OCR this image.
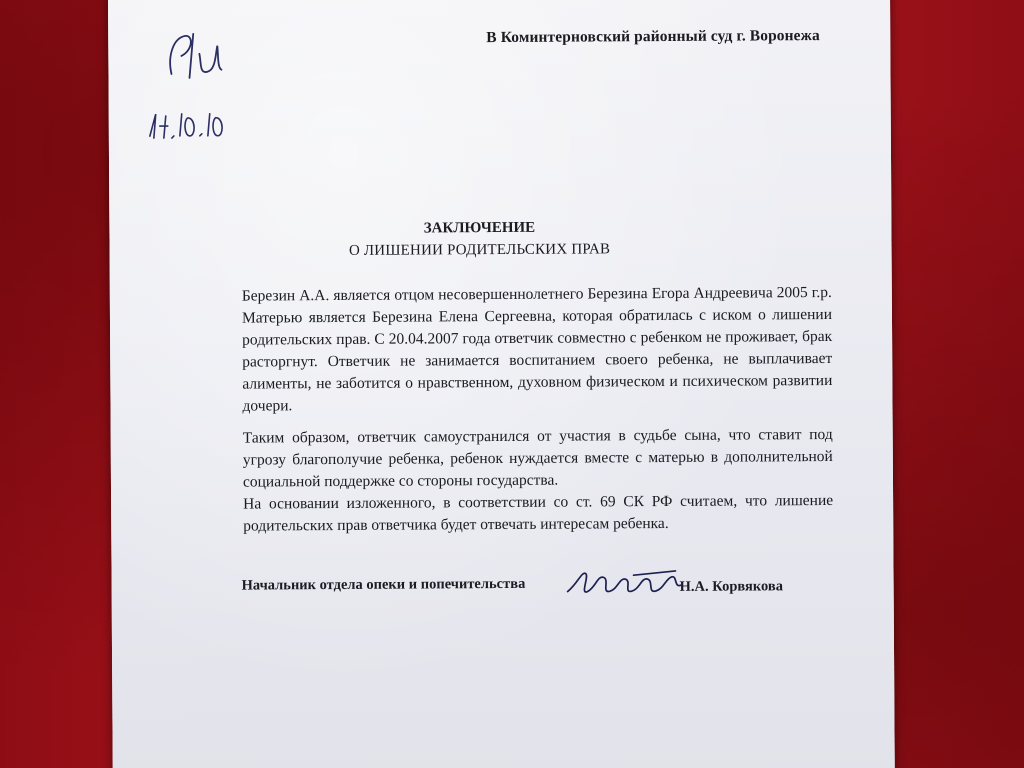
В Коминтерновский районный суд г. Воронежа
ЗАКЛЮЧЕНИЕ
О ЛИШЕНИИ РОДИТЕЛЬСКИХ ПРАВ
Березин А.А. является отцом несовершеннолетнего Березина Егора Андреевича 2005 г.р. Матерью является Березина Елена Сергеевна, которая обратилась с иском о лишении родительских прав. С 20.04.2007 года ответчик совместно с ребенком не проживает, брак расторгнут. Ответчик не занимается воспитанием своего ребенка, не выплачивает алименты, не заботится о нравственном, духовном физическом и психическом развитии дочери.
Таким образом, ответчик самоустранился от участия в судьбе сына, что ставит под угрозу благополучие ребенка, ребенок нуждается вместе с матерью в дополнительной социальной поддержке со стороны государства.
На основании изложенного, в соответствии со ст. 69 СК РФ считаем, что лишение родительских прав ответчика будет отвечать интересам ребенка.
Начальник отдела опеки и попечительства	Н.А. Корвякова
